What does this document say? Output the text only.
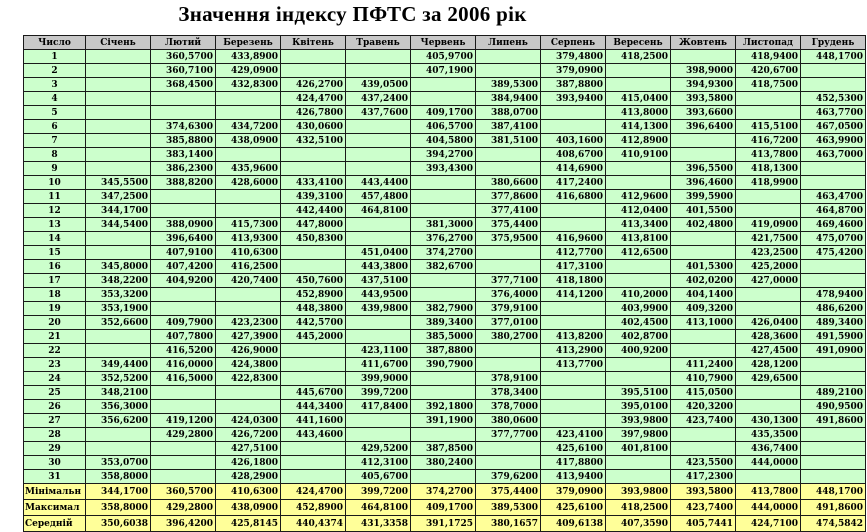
Значення індексу ПФТС за 2006 рік
Число	Січень	Лютий	Березень	Квітень	Травень	Червень	Липень	Серпень	Вересень	Жовтень	Листопад	Грудень
1		360,5700	433,8900			405,9700		379,4800	418,2500		418,9400	448,1700
2		360,7100	429,0900			407,1900		379,0900		398,9000	420,6700	
3		368,4500	432,8300	426,2700	439,0500		389,5300	387,8800		394,9300	418,7500	
4				424,4700	437,2400		384,9400	393,9400	415,0400	393,5800		452,5300
5				426,7800	437,7600	409,1700	388,0700		413,8000	393,6600		463,7700
6		374,6300	434,7200	430,0600		406,5700	387,4100		414,1300	396,6400	415,5100	467,0500
7		385,8800	438,0900	432,5100		404,5800	381,5100	403,1600	412,8900		416,7200	463,9900
8		383,1400				394,2700		408,6700	410,9100		413,7800	463,7000
9		386,2300	435,9600			393,4300		414,6900		396,5500	418,1300	
10	345,5500	388,8200	428,6000	433,4100	443,4400		380,6600	417,2400		396,4600	418,9900	
11	347,2500			439,3100	457,4800		377,8600	416,6800	412,9600	399,5900		463,4700
12	344,1700			442,4400	464,8100		377,4100		412,0400	401,5500		464,8700
13	344,5400	388,0900	415,7300	447,8000		381,3000	375,4400		413,3400	402,4800	419,0900	469,4600
14		396,6400	413,9300	450,8300		376,2700	375,9500	416,9600	413,8100		421,7500	475,0700
15		407,9100	410,6300		451,0400	374,2700		412,7700	412,6500		423,2500	475,4200
16	345,8000	407,4200	416,2500		443,3800	382,6700		417,3100		401,5300	425,2000	
17	348,2200	404,9200	420,7400	450,7600	437,5100		377,7100	418,1800		402,0200	427,0000	
18	353,3200			452,8900	443,9500		376,4000	414,1200	410,2000	404,1400		478,9400
19	353,1900			448,3800	439,9800	382,7900	379,9100		403,9900	409,3200		486,6200
20	352,6600	409,7900	423,2300	442,5700		389,3400	377,0100		402,4500	413,1000	426,0400	489,3400
21		407,7800	427,3900	445,2000		385,5000	380,2700	413,8200	402,8700		428,3600	491,5900
22		416,5200	426,9000		423,1100	387,8800		413,2900	400,9200		427,4500	491,0900
23	349,4400	416,0000	424,3800		411,6700	390,7900		413,7700		411,2400	428,1200	
24	352,5200	416,5000	422,8300		399,9000		378,9100			410,7900	429,6500	
25	348,2100			445,6700	399,7200		378,3400		395,5100	415,0500		489,2100
26	356,3000			444,3400	417,8400	392,1800	378,7000		395,0100	420,3200		490,9500
27	356,6200	419,1200	424,0300	441,1600		391,1900	380,0600		393,9800	423,7400	430,1300	491,8600
28		429,2800	426,7200	443,4600			377,7700	423,4100	397,9800		435,3500	
29			427,5100		429,5200	387,8500		425,6100	401,8100		436,7400	
30	353,0700		426,1800		412,3100	380,2400		417,8800		423,5500	444,0000	
31	358,8000		428,2900		405,6700		379,6200	413,9400		417,2300		
Мінімальн	344,1700	360,5700	410,6300	424,4700	399,7200	374,2700	375,4400	379,0900	393,9800	393,5800	413,7800	448,1700
Максимал	358,8000	429,2800	438,0900	452,8900	464,8100	409,1700	389,5300	425,6100	418,2500	423,7400	444,0000	491,8600
Середній	350,6038	396,4200	425,8145	440,4374	431,3358	391,1725	380,1657	409,6138	407,3590	405,7441	424,7100	474,5842
